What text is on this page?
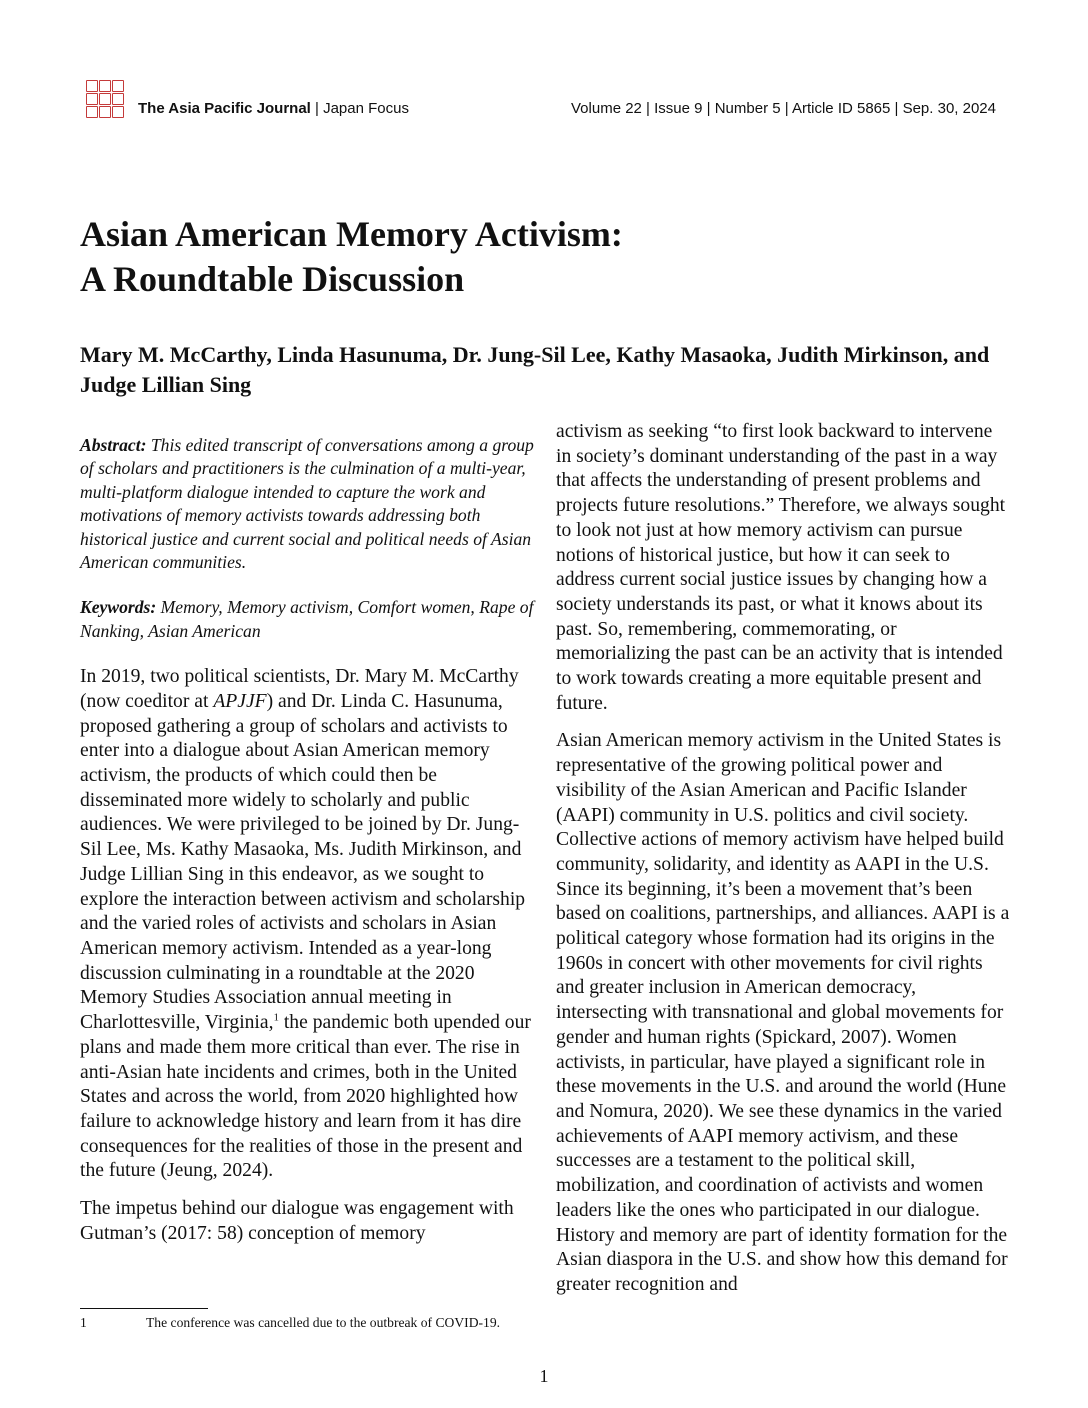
The Asia Pacific Journal | Japan Focus	Volume 22 | Issue 9 | Number 5 | Article ID 5865 | Sep. 30, 2024
Asian American Memory Activism:
A Roundtable Discussion
Mary M. McCarthy, Linda Hasunuma, Dr. Jung-Sil Lee, Kathy Masaoka, Judith Mirkinson, and Judge Lillian Sing

Abstract: This edited transcript of conversations among a group of scholars and practitioners is the culmination of a multi-year, multi-platform dialogue intended to capture the work and motivations of memory activists towards addressing both historical justice and current social and political needs of Asian American communities.

Keywords: Memory, Memory activism, Comfort women, Rape of Nanking, Asian American

In 2019, two political scientists, Dr. Mary M. McCarthy (now coeditor at APJJF) and Dr. Linda C. Hasunuma, proposed gathering a group of scholars and activists to enter into a dialogue about Asian American memory activism, the products of which could then be disseminated more widely to scholarly and public audiences. We were privileged to be joined by Dr. Jung-Sil Lee, Ms. Kathy Masaoka, Ms. Judith Mirkinson, and Judge Lillian Sing in this endeavor, as we sought to explore the interaction between activism and scholarship and the varied roles of activists and scholars in Asian American memory activism. Intended as a year-long discussion culminating in a roundtable at the 2020 Memory Studies Association annual meeting in Charlottesville, Virginia,$^1$ the pandemic both upended our plans and made them more critical than ever. The rise in anti-Asian hate incidents and crimes, both in the United States and across the world, from 2020 highlighted how failure to acknowledge history and learn from it has dire consequences for the realities of those in the present and the future (Jeung, 2024).

The impetus behind our dialogue was engagement with Gutman’s (2017: 58) conception of memory

activism as seeking “to first look backward to intervene in society’s dominant understanding of the past in a way that affects the understanding of present problems and projects future resolutions.” Therefore, we always sought to look not just at how memory activism can pursue notions of historical justice, but how it can seek to address current social justice issues by changing how a society understands its past, or what it knows about its past. So, remembering, commemorating, or memorializing the past can be an activity that is intended to work towards creating a more equitable present and future.

Asian American memory activism in the United States is representative of the growing political power and visibility of the Asian American and Pacific Islander (AAPI) community in U.S. politics and civil society. Collective actions of memory activism have helped build community, solidarity, and identity as AAPI in the U.S. Since its beginning, it’s been a movement that’s been based on coalitions, partnerships, and alliances. AAPI is a political category whose formation had its origins in the 1960s in concert with other movements for civil rights and greater inclusion in American democracy, intersecting with transnational and global movements for gender and human rights (Spickard, 2007). Women activists, in particular, have played a significant role in these movements in the U.S. and around the world (Hune and Nomura, 2020). We see these dynamics in the varied achievements of AAPI memory activism, and these successes are a testament to the political skill, mobilization, and coordination of activists and women leaders like the ones who participated in our dialogue. History and memory are part of identity formation for the Asian diaspora in the U.S. and show how this demand for greater recognition and

1	The conference was cancelled due to the outbreak of COVID-19.
1
